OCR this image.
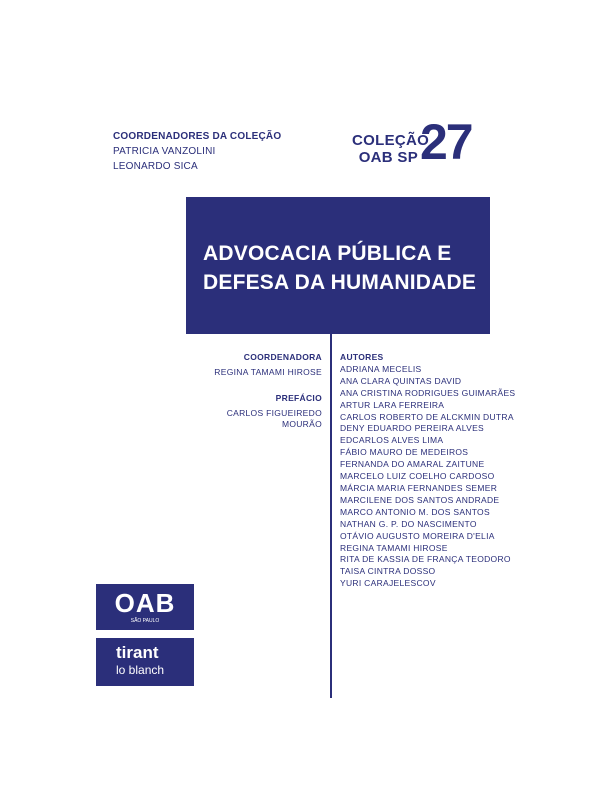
COORDENADORES DA COLEÇÃO
PATRICIA VANZOLINI
LEONARDO SICA
COLEÇÃO
OAB SP 27
ADVOCACIA PÚBLICA E
DEFESA DA HUMANIDADE
COORDENADORA
REGINA TAMAMI HIROSE
PREFÁCIO
CARLOS FIGUEIREDO MOURÃO
AUTORES
ADRIANA MECELIS
ANA CLARA QUINTAS DAVID
ANA CRISTINA RODRIGUES GUIMARÃES
ARTUR LARA FERREIRA
CARLOS ROBERTO DE ALCKMIN DUTRA
DENY EDUARDO PEREIRA ALVES
EDCARLOS ALVES LIMA
FÁBIO MAURO DE MEDEIROS
FERNANDA DO AMARAL ZAITUNE
MARCELO LUIZ COELHO CARDOSO
MÁRCIA MARIA FERNANDES SEMER
MARCILENE DOS SANTOS ANDRADE
MARCO ANTONIO M. DOS SANTOS
NATHAN G. P. DO NASCIMENTO
OTÁVIO AUGUSTO MOREIRA D'ELIA
REGINA TAMAMI HIROSE
RITA DE KASSIA DE FRANÇA TEODORO
TAISA CINTRA DOSSO
YURI CARAJELESCOV
OAB
SÃO PAULO
tirant
lo blanch
